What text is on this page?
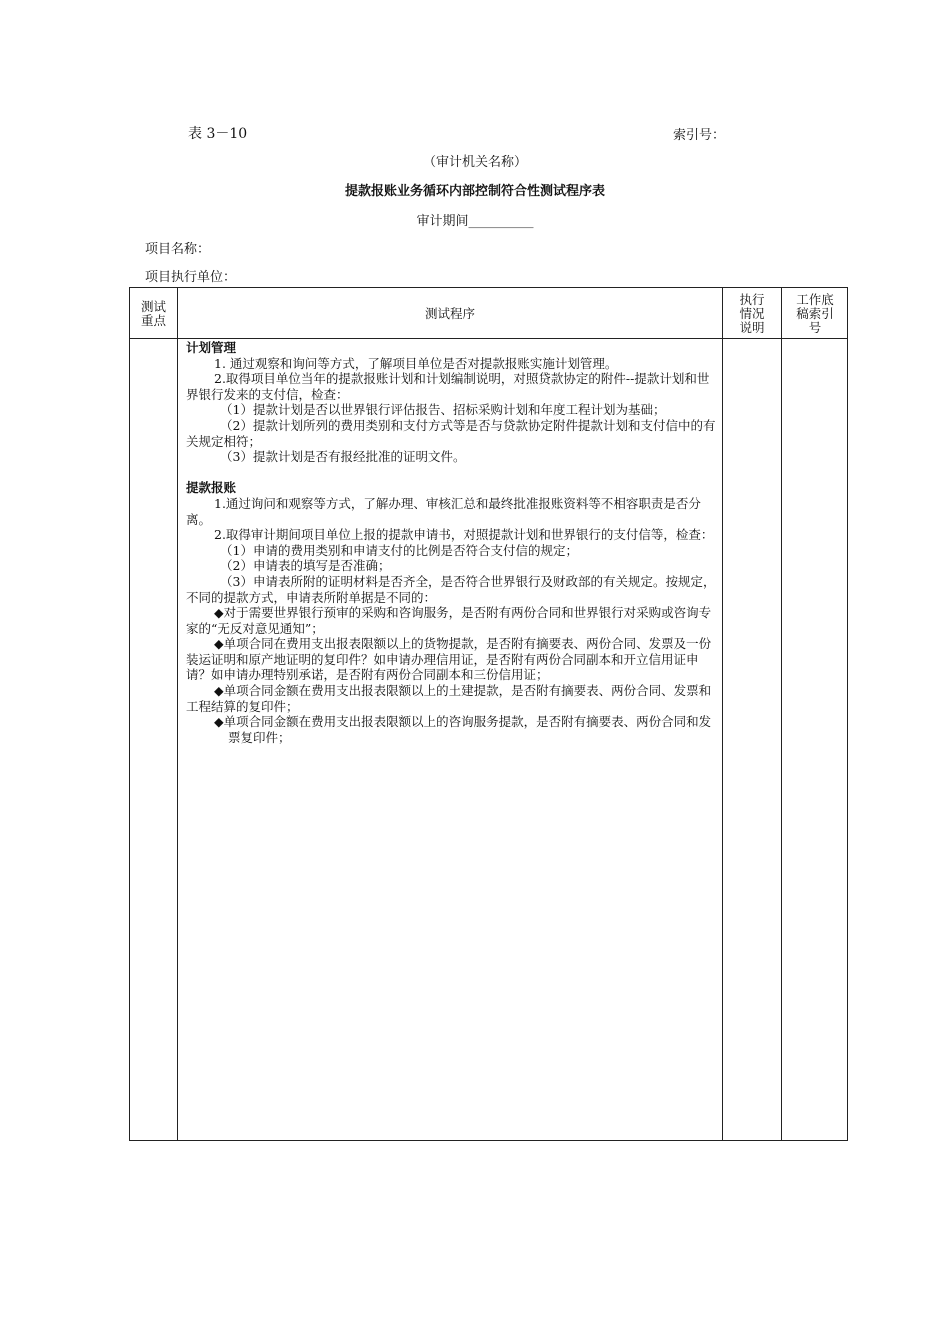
表 3－10	索引号：
（审计机关名称）
提款报账业务循环内部控制符合性测试程序表
审计期间__________
项目名称：
项目执行单位：
测试
重点	测试程序
执行
情况
说明
工作底
稿索引
号

计划管理

1. 通过观察和询问等方式，了解项目单位是否对提款报账实施计划管理。

2.取得项目单位当年的提款报账计划和计划编制说明，对照贷款协定的附件--提款计划和世界银行发来的支付信，检查：

（1）提款计划是否以世界银行评估报告、招标采购计划和年度工程计划为基础；

（2）提款计划所列的费用类别和支付方式等是否与贷款协定附件提款计划和支付信中的有关规定相符；

（3）提款计划是否有报经批准的证明文件。

提款报账

1.通过询问和观察等方式，了解办理、审核汇总和最终批准报账资料等不相容职责是否分离。

2.取得审计期间项目单位上报的提款申请书，对照提款计划和世界银行的支付信等，检查：

（1）申请的费用类别和申请支付的比例是否符合支付信的规定；

（2）申请表的填写是否准确；

（3）申请表所附的证明材料是否齐全，是否符合世界银行及财政部的有关规定。按规定，不同的提款方式，申请表所附单据是不同的：

◆对于需要世界银行预审的采购和咨询服务，是否附有两份合同和世界银行对采购或咨询专家的“无反对意见通知”；

◆单项合同在费用支出报表限额以上的货物提款，是否附有摘要表、两份合同、发票及一份装运证明和原产地证明的复印件？如申请办理信用证，是否附有两份合同副本和开立信用证申请？如申请办理特别承诺，是否附有两份合同副本和三份信用证；

◆单项合同金额在费用支出报表限额以上的土建提款，是否附有摘要表、两份合同、发票和工程结算的复印件；

◆单项合同金额在费用支出报表限额以上的咨询服务提款，是否附有摘要表、两份合同和发票复印件；
